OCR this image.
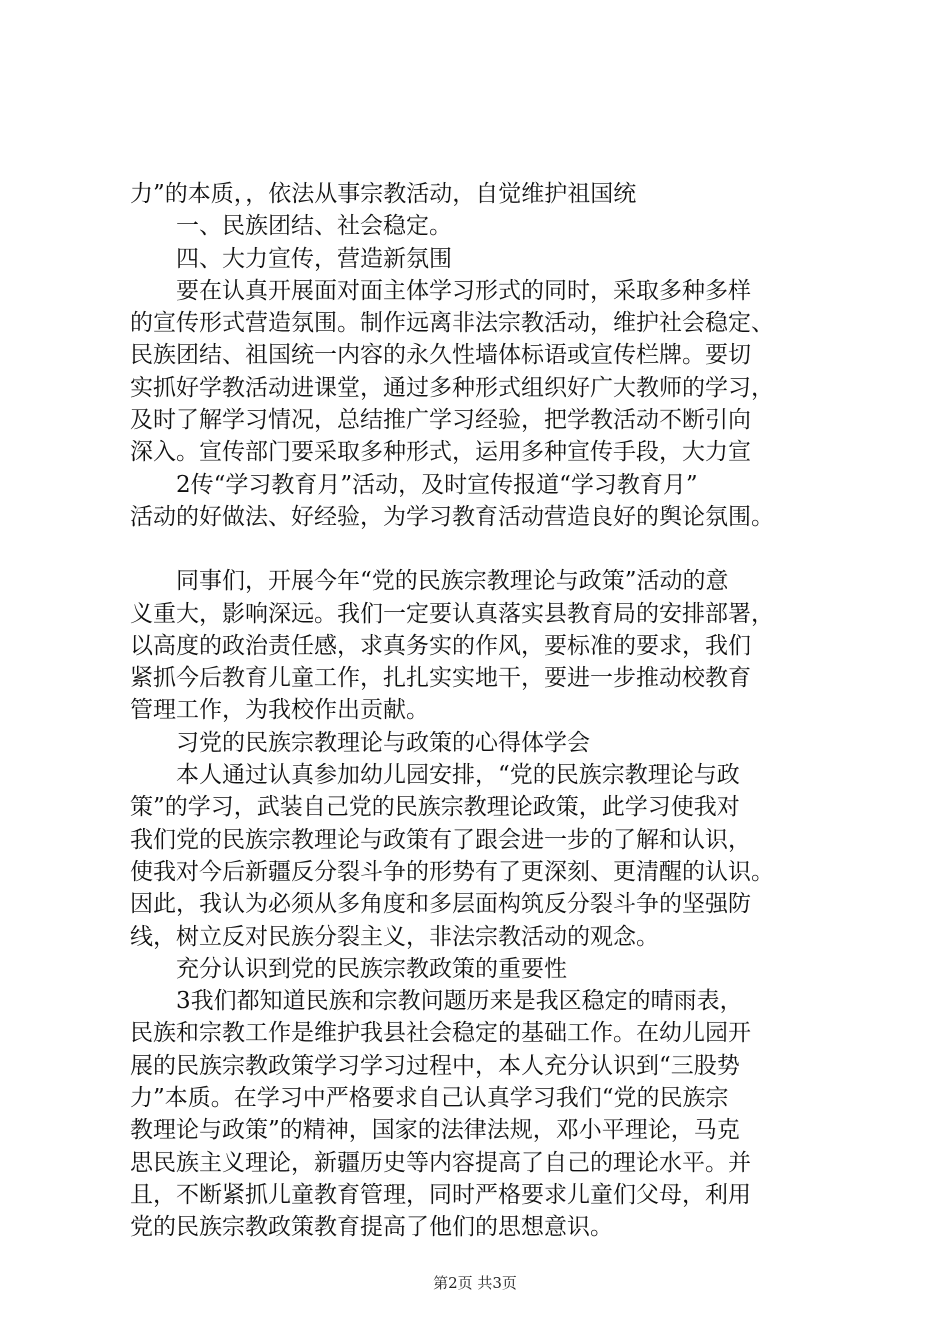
力”的本质，，依法从事宗教活动，自觉维护祖国统

一、民族团结、社会稳定。

四、大力宣传，营造新氛围

要在认真开展面对面主体学习形式的同时，采取多种多样

的宣传形式营造氛围。制作远离非法宗教活动，维护社会稳定、

民族团结、祖国统一内容的永久性墙体标语或宣传栏牌。要切

实抓好学教活动进课堂，通过多种形式组织好广大教师的学习，

及时了解学习情况，总结推广学习经验，把学教活动不断引向

深入。宣传部门要采取多种形式，运用多种宣传手段，大力宣

2传“学习教育月”活动，及时宣传报道“学习教育月”

活动的好做法、好经验，为学习教育活动营造良好的舆论氛围。

同事们，开展今年“党的民族宗教理论与政策”活动的意

义重大，影响深远。我们一定要认真落实县教育局的安排部署，

以高度的政治责任感，求真务实的作风，要标准的要求，我们

紧抓今后教育儿童工作，扎扎实实地干，要进一步推动校教育

管理工作，为我校作出贡献。

习党的民族宗教理论与政策的心得体学会

本人通过认真参加幼儿园安排，“党的民族宗教理论与政

策”的学习，武装自己党的民族宗教理论政策，此学习使我对

我们党的民族宗教理论与政策有了跟会进一步的了解和认识，

使我对今后新疆反分裂斗争的形势有了更深刻、更清醒的认识。

因此，我认为必须从多角度和多层面构筑反分裂斗争的坚强防

线，树立反对民族分裂主义，非法宗教活动的观念。

充分认识到党的民族宗教政策的重要性

3我们都知道民族和宗教问题历来是我区稳定的晴雨表，

民族和宗教工作是维护我县社会稳定的基础工作。在幼儿园开

展的民族宗教政策学习学习过程中，本人充分认识到“三股势

力”本质。在学习中严格要求自己认真学习我们“党的民族宗

教理论与政策”的精神，国家的法律法规，邓小平理论，马克

思民族主义理论，新疆历史等内容提高了自己的理论水平。并

且，不断紧抓儿童教育管理，同时严格要求儿童们父母，利用

党的民族宗教政策教育提高了他们的思想意识。

第2页 共3页
